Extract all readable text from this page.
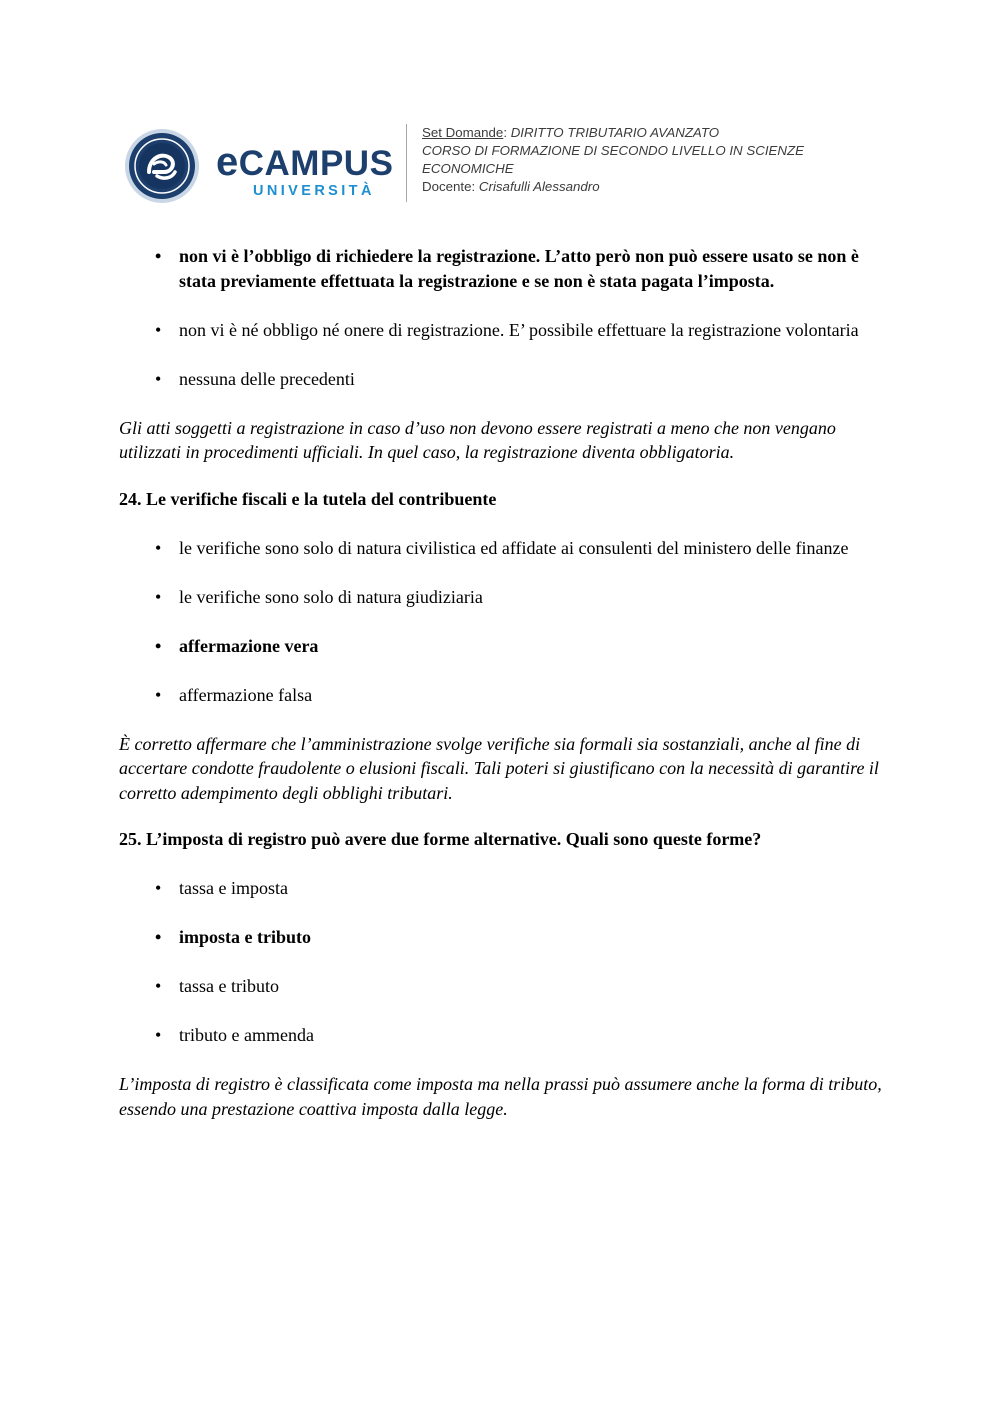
eCAMPUS
UNIVERSITÀ
Set Domande: DIRITTO TRIBUTARIO AVANZATO
CORSO DI FORMAZIONE DI SECONDO LIVELLO IN SCIENZE
ECONOMICHE
Docente: Crisafulli Alessandro
• non vi è l’obbligo di richiedere la registrazione. L’atto però non può essere usato se non è stata previamente effettuata la registrazione e se non è stata pagata l’imposta.
• non vi è né obbligo né onere di registrazione. E’ possibile effettuare la registrazione volontaria
• nessuna delle precedenti

Gli atti soggetti a registrazione in caso d’uso non devono essere registrati a meno che non vengano utilizzati in procedimenti ufficiali. In quel caso, la registrazione diventa obbligatoria.

24. Le verifiche fiscali e la tutela del contribuente
• le verifiche sono solo di natura civilistica ed affidate ai consulenti del ministero delle finanze
• le verifiche sono solo di natura giudiziaria
• affermazione vera
• affermazione falsa

È corretto affermare che l’amministrazione svolge verifiche sia formali sia sostanziali, anche al fine di accertare condotte fraudolente o elusioni fiscali. Tali poteri si giustificano con la necessità di garantire il corretto adempimento degli obblighi tributari.

25. L’imposta di registro può avere due forme alternative. Quali sono queste forme?
• tassa e imposta
• imposta e tributo
• tassa e tributo
• tributo e ammenda

L’imposta di registro è classificata come imposta ma nella prassi può assumere anche la forma di tributo, essendo una prestazione coattiva imposta dalla legge.
